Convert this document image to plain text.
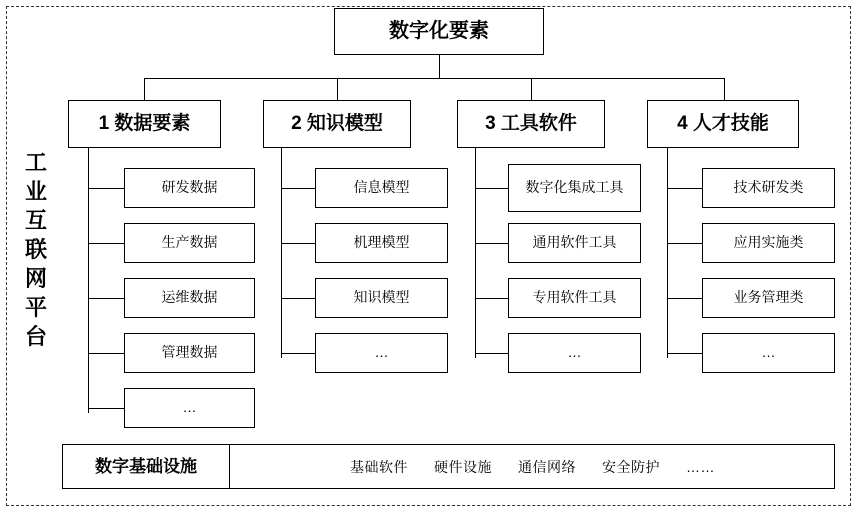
工业互联网平台
数字化要素
1 数据要素
研发数据
生产数据
运维数据
管理数据
…
2 知识模型
信息模型
机理模型
知识模型
…
3 工具软件
数字化集成工具
通用软件工具
专用软件工具
…
4 人才技能
技术研发类
应用实施类
业务管理类
…
数字基础设施	基础软件 硬件设施 通信网络 安全防护 ……
